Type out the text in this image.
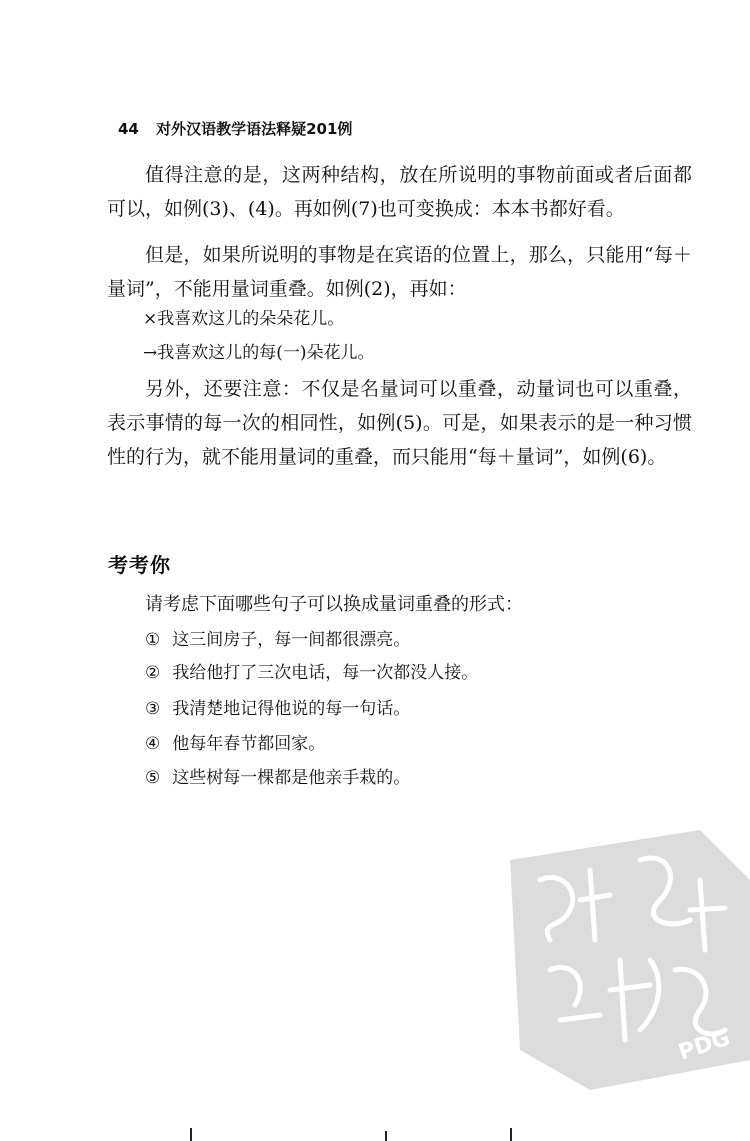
44 对外汉语教学语法释疑201例

值得注意的是，这两种结构，放在所说明的事物前面或者后面都可以，如例(3)、(4)。再如例(7)也可变换成：本本书都好看。

但是，如果所说明的事物是在宾语的位置上，那么，只能用“每＋量词”，不能用量词重叠。如例(2)，再如：

×我喜欢这儿的朵朵花儿。
→我喜欢这儿的每(一)朵花儿。

另外，还要注意：不仅是名量词可以重叠，动量词也可以重叠，表示事情的每一次的相同性，如例(5)。可是，如果表示的是一种习惯性的行为，就不能用量词的重叠，而只能用“每＋量词”，如例(6)。

考考你
请考虑下面哪些句子可以换成量词重叠的形式：
① 这三间房子，每一间都很漂亮。
② 我给他打了三次电话，每一次都没人接。
③ 我清楚地记得他说的每一句话。
④ 他每年春节都回家。
⑤ 这些树每一棵都是他亲手栽的。
PDG
